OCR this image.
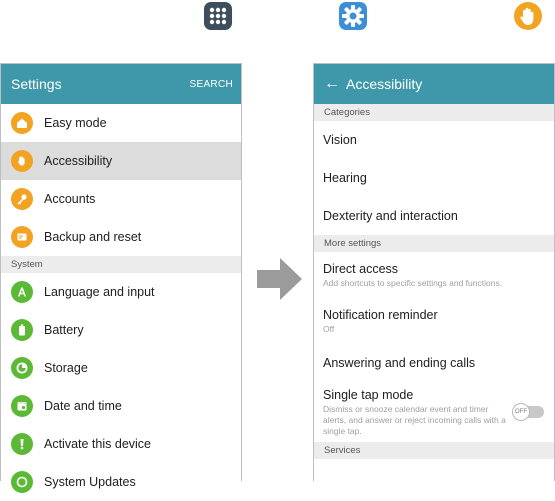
Settings	SEARCH
Easy mode
Accessibility
Accounts
Backup and reset
System
Language and input
Battery
Storage
Date and time
Activate this device
System Updates
← Accessibility
Categories
Vision
Hearing
Dexterity and interaction
More settings
Direct access
Add shortcuts to specific settings and functions.
Notification reminder
Off
Answering and ending calls
Single tap mode
Dismiss or snooze calendar event and timer alerts, and answer or reject incoming calls with a single tap.
OFF
Services
